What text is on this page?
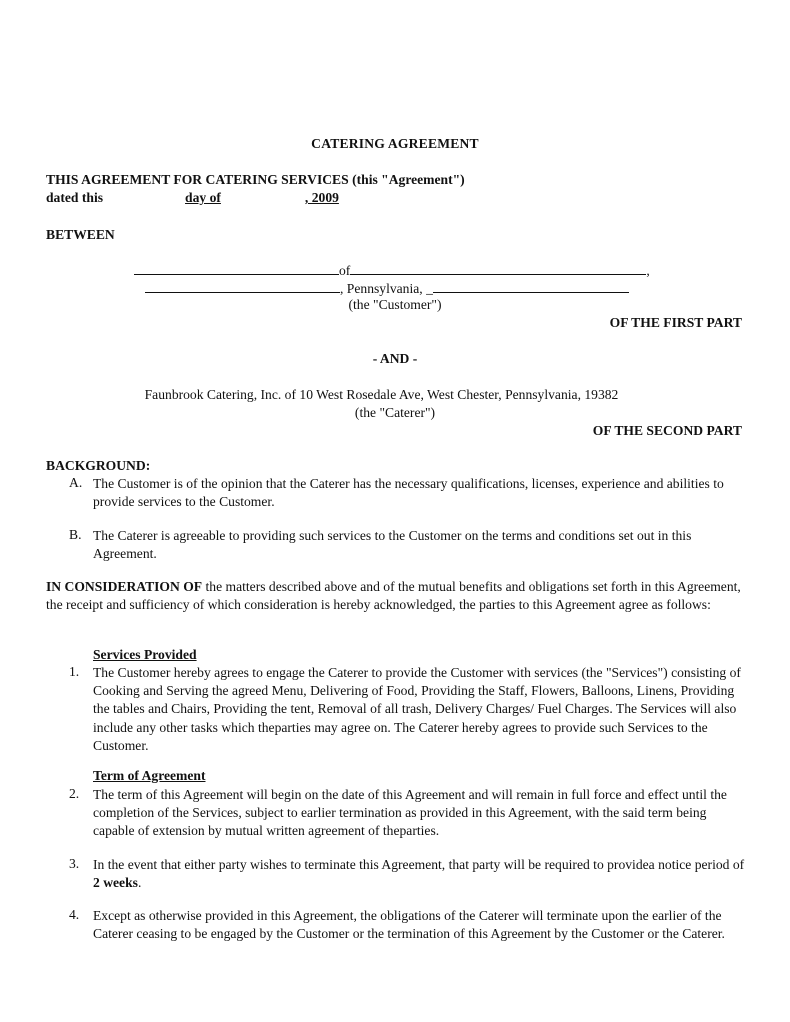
CATERING AGREEMENT
THIS AGREEMENT FOR CATERING SERVICES (this "Agreement")
dated this	day of	, 2009
BETWEEN
of	,
, Pennsylvania, _
(the "Customer")
OF THE FIRST PART
- AND -
Faunbrook Catering, Inc. of 10 West Rosedale Ave, West Chester, Pennsylvania, 19382
(the "Caterer")
OF THE SECOND PART
BACKGROUND:
A. The Customer is of the opinion that the Caterer has the necessary qualifications, licenses, experience and abilities to provide services to the Customer.
B. The Caterer is agreeable to providing such services to the Customer on the terms and conditions set out in this Agreement.
IN CONSIDERATION OF the matters described above and of the mutual benefits and obligations set forth in this Agreement, the receipt and sufficiency of which consideration is hereby acknowledged, the parties to this Agreement agree as follows:
Services Provided
1. The Customer hereby agrees to engage the Caterer to provide the Customer with services (the "Services") consisting of Cooking and Serving the agreed Menu, Delivering of Food, Providing the Staff, Flowers, Balloons, Linens, Providing the tables and Chairs, Providing the tent, Removal of all trash, Delivery Charges/ Fuel Charges. The Services will also include any other tasks which theparties may agree on. The Caterer hereby agrees to provide such Services to the Customer.
Term of Agreement
2. The term of this Agreement will begin on the date of this Agreement and will remain in full force and effect until the completion of the Services, subject to earlier termination as provided in this Agreement, with the said term being capable of extension by mutual written agreement of theparties.
3. In the event that either party wishes to terminate this Agreement, that party will be required to providea notice period of 2 weeks.
4. Except as otherwise provided in this Agreement, the obligations of the Caterer will terminate upon the earlier of the Caterer ceasing to be engaged by the Customer or the termination of this Agreement by the Customer or the Caterer.
